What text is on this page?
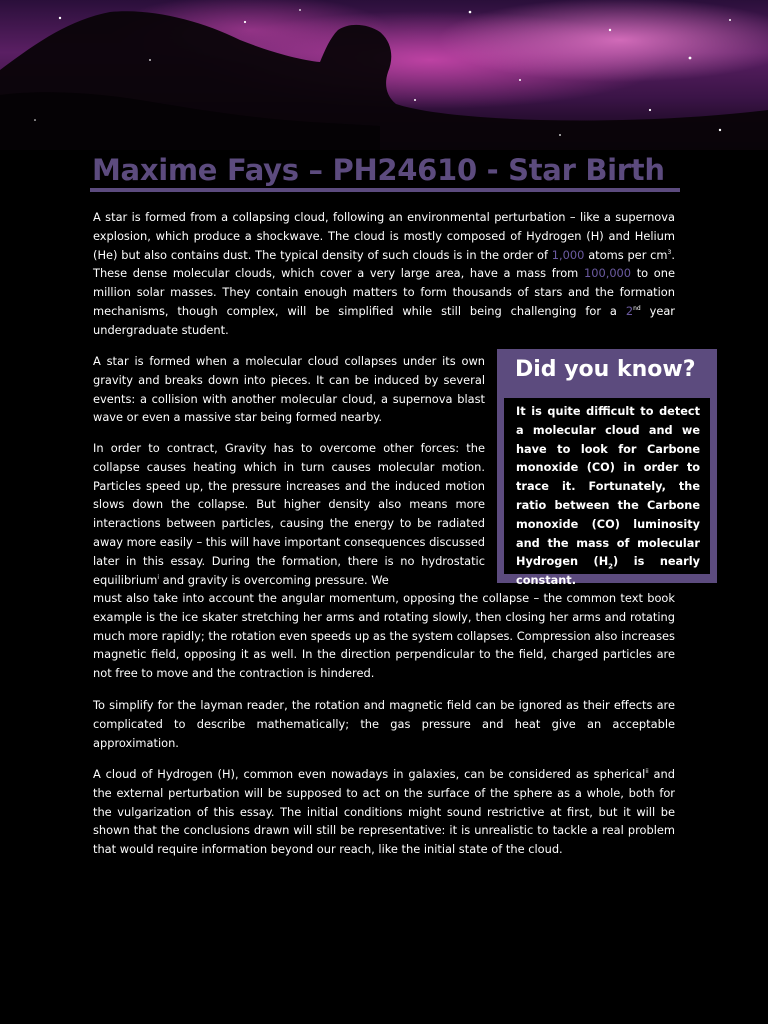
Maxime Fays – PH24610 - Star Birth

A star is formed from a collapsing cloud, following an environmental perturbation – like a supernova explosion, which produce a shockwave. The cloud is mostly composed of Hydrogen (H) and Helium (He) but also contains dust. The typical density of such clouds is in the order of 1,000 atoms per $cm^3$. These dense molecular clouds, which cover a very large area, have a mass from 100,000 to one million solar masses. They contain enough matters to form thousands of stars and the formation mechanisms, though complex, will be simplified while still being challenging for a 2nd year undergraduate student.

A star is formed when a molecular cloud collapses under its own gravity and breaks down into pieces. It can be induced by several events: a collision with another molecular cloud, a supernova blast wave or even a massive star being formed nearby.

In order to contract, Gravity has to overcome other forces: the collapse causes heating which in turn causes molecular motion. Particles speed up, the pressure increases and the induced motion slows down the collapse. But higher density also means more interactions between particles, causing the energy to be radiated away more easily – this will have important consequences discussed later in this essay. During the formation, there is no hydrostatic equilibrium$^i$ and gravity is overcoming pressure. We

must also take into account the angular momentum, opposing the collapse – the common text book example is the ice skater stretching her arms and rotating slowly, then closing her arms and rotating much more rapidly; the rotation even speeds up as the system collapses. Compression also increases magnetic field, opposing it as well. In the direction perpendicular to the field, charged particles are not free to move and the contraction is hindered.

To simplify for the layman reader, the rotation and magnetic field can be ignored as their effects are complicated to describe mathematically; the gas pressure and heat give an acceptable approximation.

A cloud of Hydrogen (H), common even nowadays in galaxies, can be considered as spherical$^{ii}$ and the external perturbation will be supposed to act on the surface of the sphere as a whole, both for the vulgarization of this essay. The initial conditions might sound restrictive at first, but it will be shown that the conclusions drawn will still be representative: it is unrealistic to tackle a real problem that would require information beyond our reach, like the initial state of the cloud.

Did you know?

It is quite difficult to detect a molecular cloud and we have to look for Carbone monoxide (CO) in order to trace it. Fortunately, the ratio between the Carbone monoxide (CO) luminosity and the mass of molecular Hydrogen $(H_2)$ is nearly constant.
